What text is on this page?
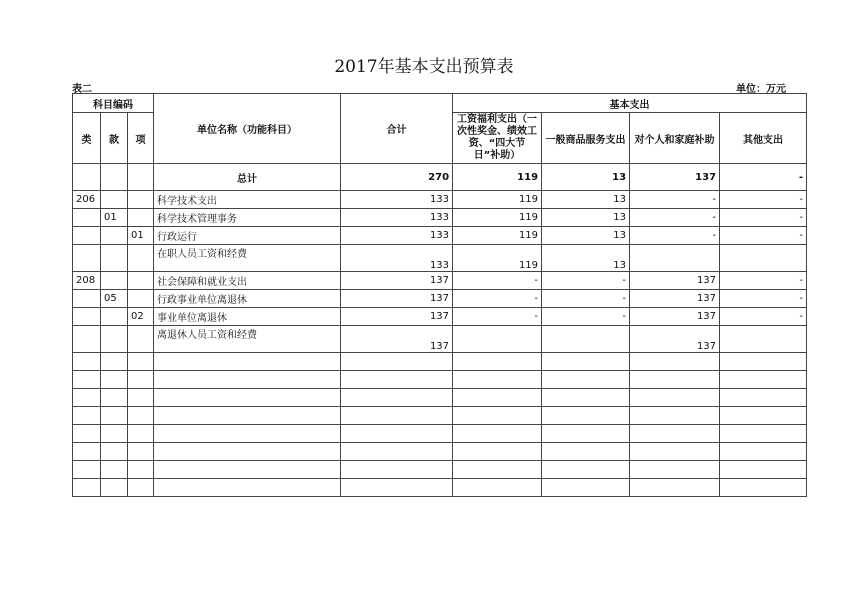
2017年基本支出预算表
表二	单位：万元
科目编码			单位名称（功能科目）	合计	基本支出			
类	款	项						
					工资福利支出（一次性奖金、绩效工资、“四大节日”补助）	一般商品服务支出	对个人和家庭补助	其他支出
			总计	270	119	13	137	-
206			科学技术支出	133	119	13	-	-
	01		科学技术管理事务	133	119	13	-	-
		01	行政运行	133	119	13	-	-
			在职人员工资和经费	133	119	13		
208			社会保障和就业支出	137	-	-	137	-
	05		行政事业单位离退休	137	-	-	137	-
		02	事业单位离退休	137	-	-	137	-
			离退休人员工资和经费	137			137	
